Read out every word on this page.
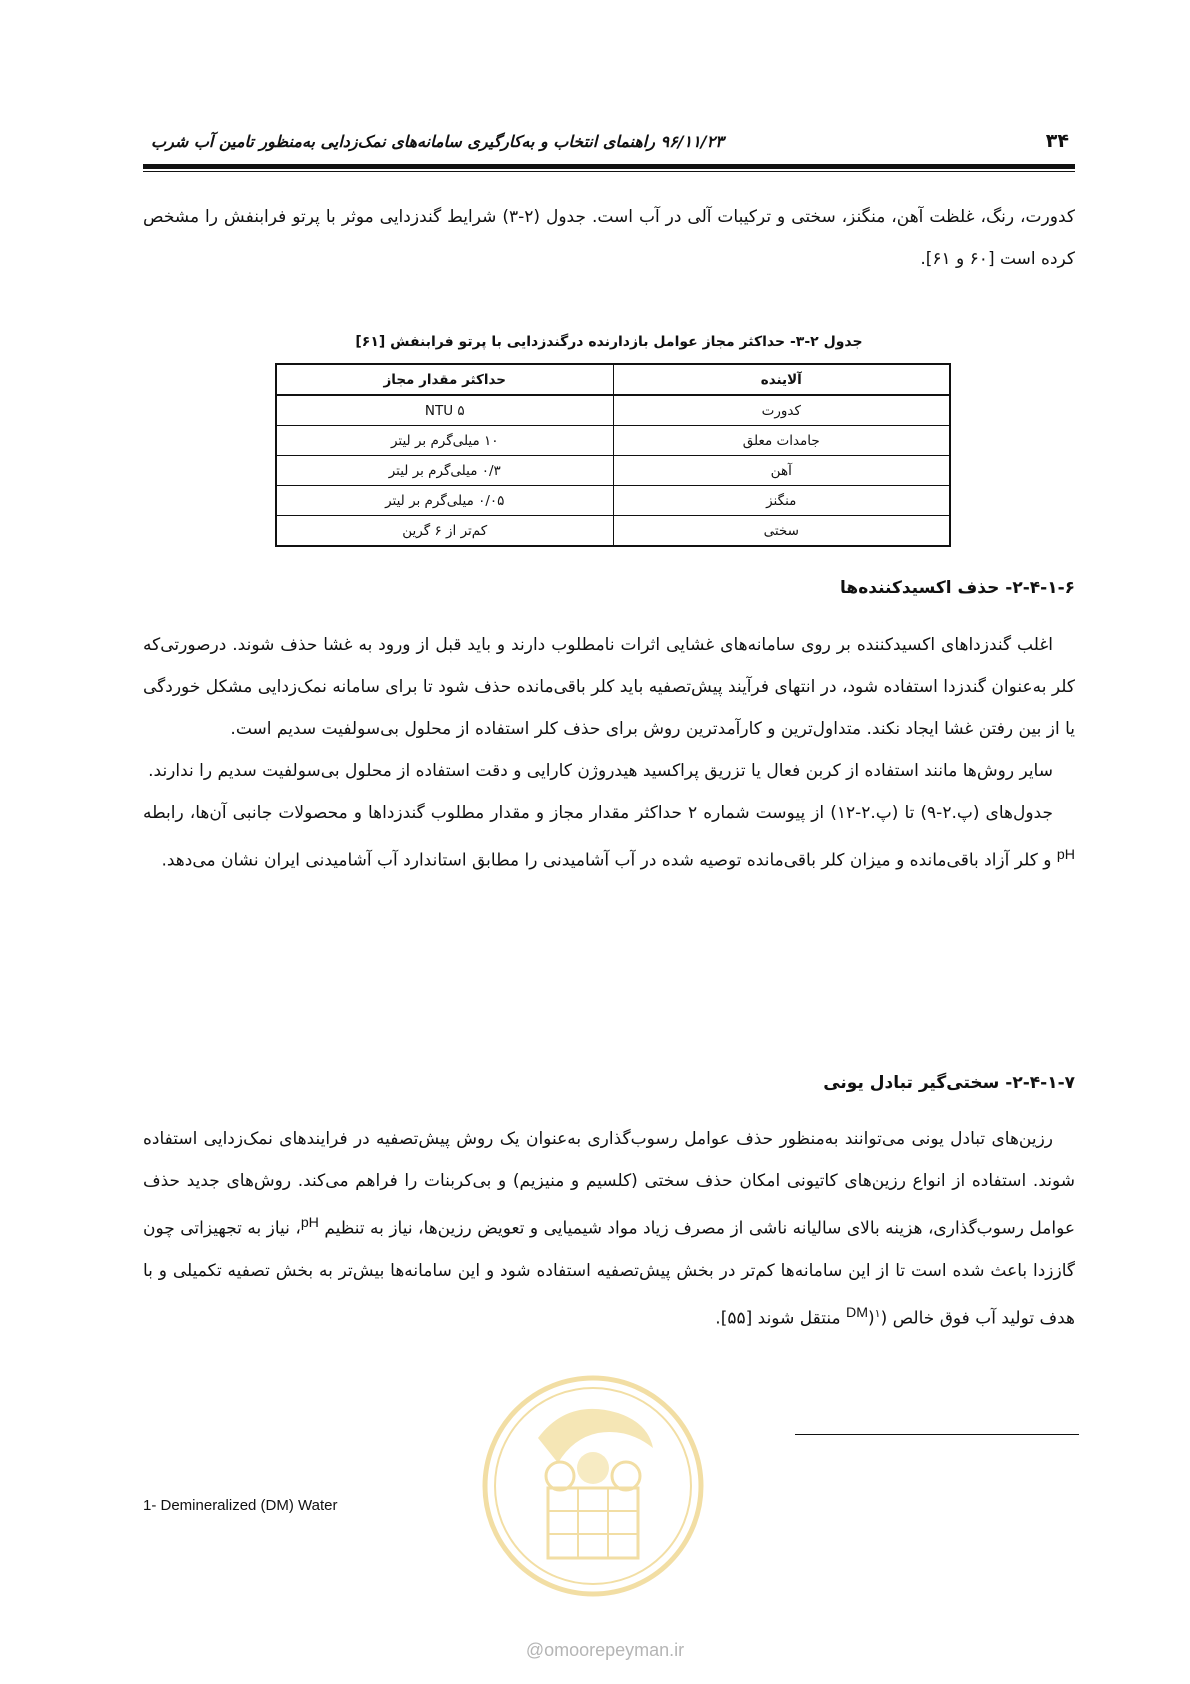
۳۴
۹۶/۱۱/۲۳ راهنمای انتخاب و به‌کارگیری سامانه‌های نمک‌زدایی به‌منظور تامین آب شرب

کدورت، رنگ، غلظت آهن، منگنز، سختی و ترکیبات آلی در آب است. جدول (۲-۳) شرایط گندزدایی موثر با پرتو فرابنفش را مشخص کرده است [۶۰ و ۶۱].

جدول ۲-۳- حداکثر مجاز عوامل بازدارنده درگندزدایی با پرتو فرابنفش [۶۱]
آلاینده	حداکثر مقدار مجاز
کدورت	۵ NTU
جامدات معلق	۱۰ میلی‌گرم بر لیتر
آهن	۰/۳ میلی‌گرم بر لیتر
منگنز	۰/۰۵ میلی‌گرم بر لیتر
سختی	کم‌تر از ۶ گرین
۲-۴-۱-۶- حذف اکسیدکننده‌ها

اغلب گندزداهای اکسیدکننده بر روی سامانه‌های غشایی اثرات نامطلوب دارند و باید قبل از ورود به غشا حذف شوند. درصورتی‌که کلر به‌عنوان گندزدا استفاده شود، در انتهای فرآیند پیش‌تصفیه باید کلر باقی‌مانده حذف شود تا برای سامانه نمک‌زدایی مشکل خوردگی یا از بین رفتن غشا ایجاد نکند. متداول‌ترین و کارآمدترین روش برای حذف کلر استفاده از محلول بی‌سولفیت سدیم است.

سایر روش‌ها مانند استفاده از کربن فعال یا تزریق پراکسید هیدروژن کارایی و دقت استفاده از محلول بی‌سولفیت سدیم را ندارند.

جدول‌های (پ.۲-۹) تا (پ.۲-۱۲) از پیوست شماره ۲ حداکثر مقدار مجاز و مقدار مطلوب گندزداها و محصولات جانبی آن‌ها، رابطه $^{pH}$ و کلر آزاد باقی‌مانده و میزان کلر باقی‌مانده توصیه شده در آب آشامیدنی را مطابق استاندارد آب آشامیدنی ایران نشان می‌دهد.

۲-۴-۱-۷- سختی‌گیر تبادل یونی

رزین‌های تبادل یونی می‌توانند به‌منظور حذف عوامل رسوب‌گذاری به‌عنوان یک روش پیش‌تصفیه در فرایندهای نمک‌زدایی استفاده شوند. استفاده از انواع رزین‌های کاتیونی امکان حذف سختی (کلسیم و منیزیم) و بی‌کربنات را فراهم می‌کند. روش‌های جدید حذف عوامل رسوب‌گذاری، هزینه بالای سالیانه ناشی از مصرف زیاد مواد شیمیایی و تعویض رزین‌ها، نیاز به تنظیم $^{pH}$، نیاز به تجهیزاتی چون گاززدا باعث شده است تا از این سامانه‌ها کم‌تر در بخش پیش‌تصفیه استفاده شود و این سامانه‌ها بیش‌تر به بخش تصفیه تکمیلی و با هدف تولید آب فوق خالص ($^{DM}$)$^۱$ منتقل شوند [۵۵].

1- Demineralized (DM) Water
@omoorepeyman.ir
